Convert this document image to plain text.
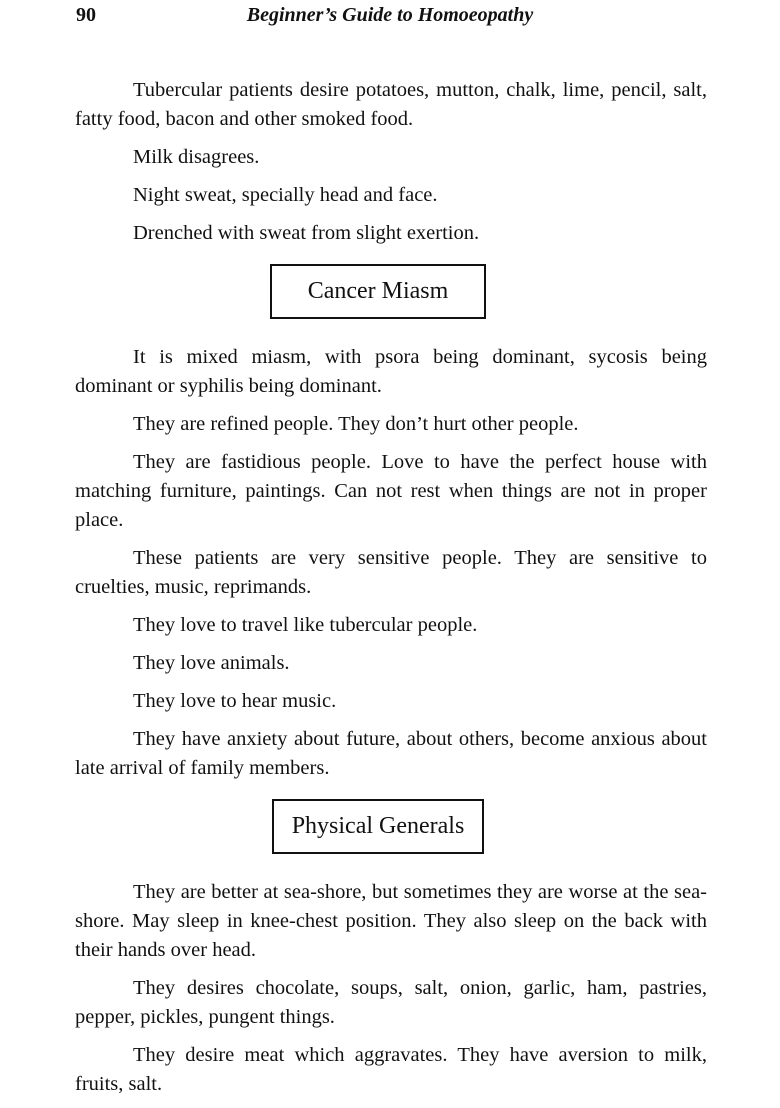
90	Beginner’s Guide to Homoeopathy

Tubercular patients desire potatoes, mutton, chalk, lime, pencil, salt, fatty food, bacon and other smoked food.

Milk disagrees.

Night sweat, specially head and face.

Drenched with sweat from slight exertion.

Cancer Miasm

It is mixed miasm, with psora being dominant, sycosis being dominant or syphilis being dominant.

They are refined people. They don’t hurt other people.

They are fastidious people. Love to have the perfect house with matching furniture, paintings. Can not rest when things are not in proper place.

These patients are very sensitive people. They are sensitive to cruelties, music, reprimands.

They love to travel like tubercular people.

They love animals.

They love to hear music.

They have anxiety about future, about others, become anxious about late arrival of family members.

Physical Generals

They are better at sea-shore, but sometimes they are worse at the sea-shore. May sleep in knee-chest position. They also sleep on the back with their hands over head.

They desires chocolate, soups, salt, onion, garlic, ham, pastries, pepper, pickles, pungent things.

They desire meat which aggravates. They have aversion to milk, fruits, salt.
